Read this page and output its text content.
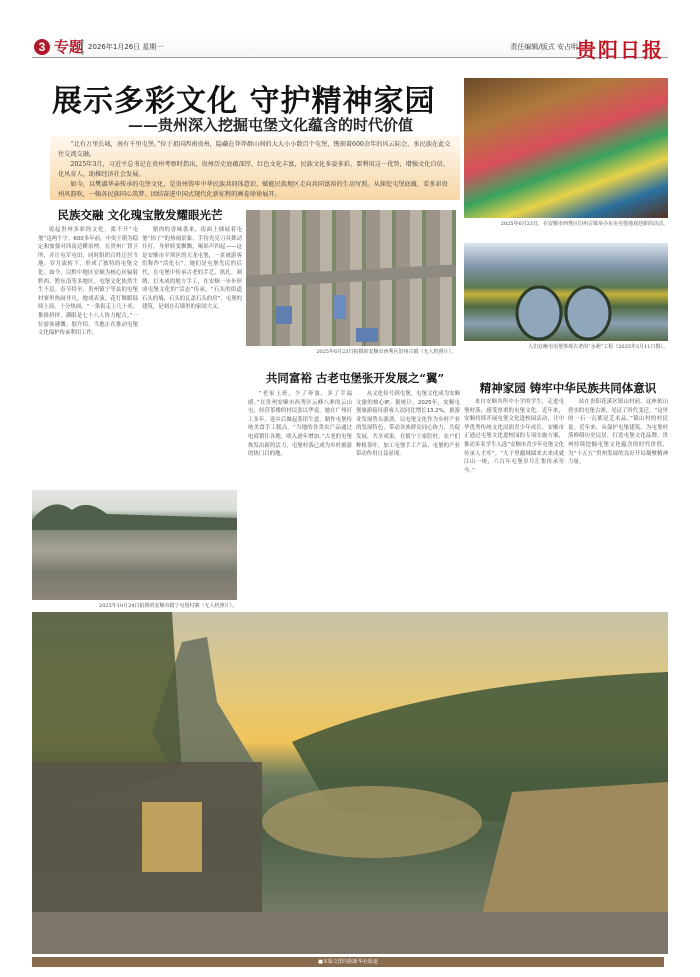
3 专题 2026年1月26日 星期一	责任编辑/版式 安占明
贵阳日报
展示多彩文化 守护精神家园
——贵州深入挖掘屯堡文化蕴含的时代价值

“北有万里长城，南有千里屯堡。”位于祖国西南贵州，隐藏在莽莽群山间的大大小小数百个屯堡，镌刻着600余年的风云际会，多民族在此交往交流交融。

2025年3月，习近平总书记在贵州考察时指出，贵州历史底蕴深厚，红色文化丰富，民族文化多姿多彩，要利用这一优势，增强文化自信、化风育人，助推经济社会发展。

如今，以樊淑华亲传承的屯堡文化，是贵州铸牢中华民族共同体意识、赋能民族地区走向共同富裕的生动写照。从探挖屯堡底蕴，看多彩贵州风韵吹，一幅各民族同心筑梦、团结奋进中国式现代化新征程的画卷徐徐展开。

2025年6月23日，在安顺市西秀区旧州古镇举办东屯屯堡地戏迎新的活动。
人们在鲍屯屯堡参观古老的“水利”工程（2025年2月11日摄）。
民族交融 文化瑰宝散发耀眼光芒

说起贵州多彩的文化，离不开“屯堡”这两个字。600多年前，中央王朝为稳定和加强对西南边陲治理，在贵州广置卫所，并让屯军屯田，同时组织百姓迁居当地。岁月流转下，形成了独特的屯堡文化。如今，以黔中地区安顺为核心区辐射黔西、黔东南等多地区，屯堡文化依然生生不息。春节将至，贵州镇宁等县的屯堡村寨里热闹非凡，地戏表演、花灯舞蹈陆续上演，十分热闹。“一条街走上几十米，推推挤挤，满眼是七十八人协力配合。”一位游客感慨。据介绍，当地正在推动屯堡文化保护传承利用工作。

猪肉的香味袭来，街面上铺展着屯堡“抬子”的热闹景象，手持光亮刀具舞动开打，身形转变飘飘，喝彩声四起——这是安顺市平坝区的天龙屯堡，一景被游客们称作“活化石”。她们是屯堡先民的后代，在屯堡中传承古老的手艺，纸扎、刺绣、打木成的地方手工，在安顺一步步形成屯堡文化的“活态”传承。“石头的街道石头的墙，石头的瓦盖石头的房”，屯堡的建筑，是刻在石墙里的家国大义。

2025年6月23日拍摄的安顺市西秀区旧州古镇（无人机照片）。
共同富裕 古老屯堡张开发展之“翼”

“老家上班，少了奔波，多了幸福感。”在贵州安顺市西秀区云峰八寨的云山屯，经营茶楼的村民张以华说。她在广州打工多年，返乡后做起茶馆生意，制作屯堡传统美食手工糕点。“当地的各类农产品通过电商销往各地，收入逐年增加。”古老的屯堡焕发出新的活力，屯堡村落已成为乡村旅游的热门目的地。

从文化传号到屯堡，屯堡文化成为安顺文旅的核心IP。据统计，2025年，安顺屯堡旅游接待游客人次同比增长13.2%，旅游业发展势头强劲。以屯堡文化作为乡村产业的发展特色，带动各族群众同心协力，共促发展，共享成果。在镇宁王家院村，农户们种植茶叶，加工屯堡手工产品，屯堡的产业带动作用日益显现。

精神家园 铸牢中华民族共同体意识

来自安顺各所中小学的学生，走进屯堡村落，感受厚重的屯堡文化。近年来，安顺持续开展屯堡文化进校园活动，让中华优秀传统文化浸润青少年成长。安顺市正通过屯堡文化进校园的专项实施方案，推动多名学生入选“安顺市青少年屯堡文化传承人才库”。“九千里疆域圆来去来成就江山一统，六百年屯堡岁月汇集传承至今。”

站在贵阳花溪区镇山村前，这座依山傍水的屯堡古寨，见证了时代变迁。“这里的一石一瓦都是艺术品。”镇山村的村民说。近年来，从保护屯堡建筑、为屯堡村落修缮历史民居，打造屯堡文化品牌，贵州持续挖掘屯堡文化蕴含的时代价值，为“十五五”贵州发展的良好开局凝聚精神力量。

2025年10月24日拍摄的安顺市镇宁屯堡村寨（无人机照片）。
■本版文图均据新华社报道
